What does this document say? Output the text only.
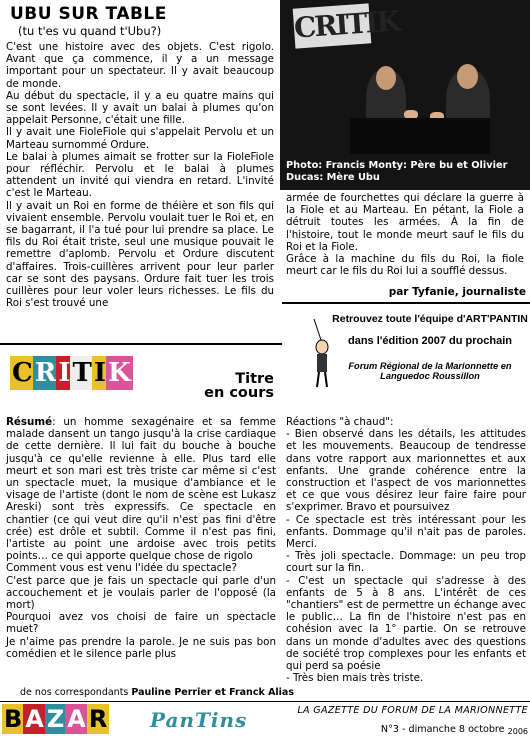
UBU SUR TABLE
(tu t'es vu quand t'Ubu?)

C'est une histoire avec des objets. C'est rigolo. Avant que ça commence, il y a un message important pour un spectateur. Il y avait beaucoup de monde.

Au début du spectacle, il y a eu quatre mains qui se sont levées. Il y avait un balai à plumes qu'on appelait Personne, c'était une fille.

Il y avait une FioleFiole qui s'appelait Pervolu et un Marteau surnommé Ordure.

Le balai à plumes aimait se frotter sur la FioleFiole pour réfléchir. Pervolu et le balai à plumes attendent un invité qui viendra en retard. L'invité c'est le Marteau.

Il y avait un Roi en forme de théière et son fils qui vivaient ensemble. Pervolu voulait tuer le Roi et, en se bagarrant, il l'a tué pour lui prendre sa place. Le fils du Roi était triste, seul une musique pouvait le remettre d'aplomb. Pervolu et Ordure discutent d'affaires. Trois-cuillères arrivent pour leur parler car se sont des paysans. Ordure fait tuer les trois cuillères pour leur voler leurs richesses. Le fils du Roi s'est trouvé une

CRITIK
Photo: Francis Monty: Père bu et Olivier Ducas: Mère Ubu

armée de fourchettes qui déclare la guerre à la Fiole et au Marteau. En pétant, la Fiole a détruit toutes les armées. À la fin de l'histoire, tout le monde meurt sauf le fils du Roi et la Fiole.

Grâce à la machine du fils du Roi, la fiole meurt car le fils du Roi lui a soufflé dessus.

par Tyfanie, journaliste
Retrouvez toute l'équipe d'ART'PANTIN
dans l'édition 2007 du prochain
Forum Régional de la Marionnette en Languedoc Roussillon
CRITIK	Titre
en cours

Résumé: un homme sexagénaire et sa femme malade dansent un tango jusqu'à la crise cardiaque de cette dernière. Il lui fait du bouche à bouche jusqu'à ce qu'elle revienne à elle. Plus tard elle meurt et son mari est très triste car même si c'est un spectacle muet, la musique d'ambiance et le visage de l'artiste (dont le nom de scène est Lukasz Areski) sont très expressifs. Ce spectacle en chantier (ce qui veut dire qu'il n'est pas fini d'être crée) est drôle et subtil. Comme il n'est pas fini, l'artiste au point une ardoise avec trois petits points… ce qui apporte quelque chose de rigolo

Comment vous est venu l'idée du spectacle?

C'est parce que je fais un spectacle qui parle d'un accouchement et je voulais parler de l'opposé (la mort)

Pourquoi avez vos choisi de faire un spectacle muet?

Je n'aime pas prendre la parole. Je ne suis pas bon comédien et le silence parle plus

de nos correspondants Pauline Perrier et Franck Alias

Réactions "à chaud":

- Bien observé dans les détails, les attitudes et les mouvements. Beaucoup de tendresse dans votre rapport aux marionnettes et aux enfants. Une grande cohérence entre la construction et l'aspect de vos marionnettes et ce que vous désirez leur faire faire pour s'exprimer. Bravo et poursuivez

- Ce spectacle est très intéressant pour les enfants. Dommage qu'il n'ait pas de paroles. Merci.

- Très joli spectacle. Dommage: un peu trop court sur la fin.

- C'est un spectacle qui s'adresse à des enfants de 5 à 8 ans. L'intérêt de ces "chantiers" est de permettre un échange avec le public… La fin de l'histoire n'est pas en cohésion avec la 1° partie. On se retrouve dans un monde d'adultes avec des questions de société trop complexes pour les enfants et qui perd sa poésie

- Très bien mais très triste.

B A Z A R	PanTins	LA GAZETTE DU FORUM DE LA MARIONNETTE
N°3 - dimanche 8 octobre $_{2006}$
